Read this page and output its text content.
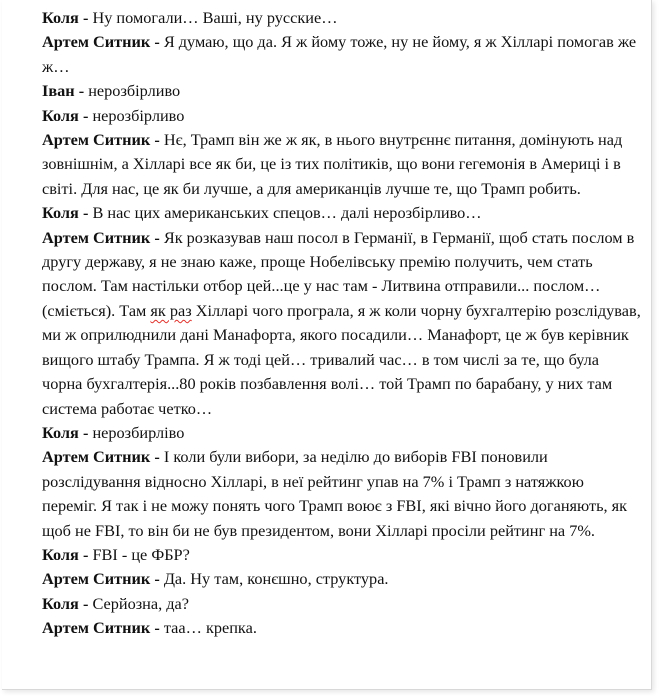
Коля - Ну помогали… Ваші, ну русские…

Артем Ситник - Я думаю, що да. Я ж йому тоже, ну не йому, я ж Хілларі помогав же ж…

Іван - нерозбірливо

Коля - нерозбірливо

Артем Ситник - Нє, Трамп він же ж як, в нього внутрєннє питання, домінують над зовнішнім, а Хілларі все як би, це із тих політиків, що вони гегемонія в Америці і в світі. Для нас, це як би лучше, а для американців лучше те, що Трамп робить.

Коля - В нас цих американських спецов… далі нерозбірливо…

Артем Ситник - Як розказував наш посол в Германії, в Германії, щоб стать послом в другу державу, я не знаю каже, проще Нобелівську премію получить, чем стать послом. Там настільки отбор цей...це у нас там - Литвина отправили... послом… (сміється). Там як раз Хілларі чого програла, я ж коли чорну бухгалтерію розслідував, ми ж оприлюднили дані Манафорта, якого посадили… Манафорт, це ж був керівник вищого штабу Трампа. Я ж тоді цей… тривалий час… в том числі за те, що була чорна бухгалтерія...80 років позбавлення волі… той Трамп по барабану, у них там система работає четко…

Коля - нерозбирліво

Артем Ситник - І коли були вибори, за неділю до виборів FBI поновили розслідування відносно Хілларі, в неї рейтинг упав на 7% і Трамп з натяжкою переміг. Я так і не можу понять чого Трамп воює з FBI, які вічно його доганяють, як щоб не FBI, то він би не був президентом, вони Хілларі просіли рейтинг на 7%.

Коля - FBI - це ФБР?

Артем Ситник - Да. Ну там, конєшно, структура.

Коля - Серйозна, да?

Артем Ситник - таа… крепка.
